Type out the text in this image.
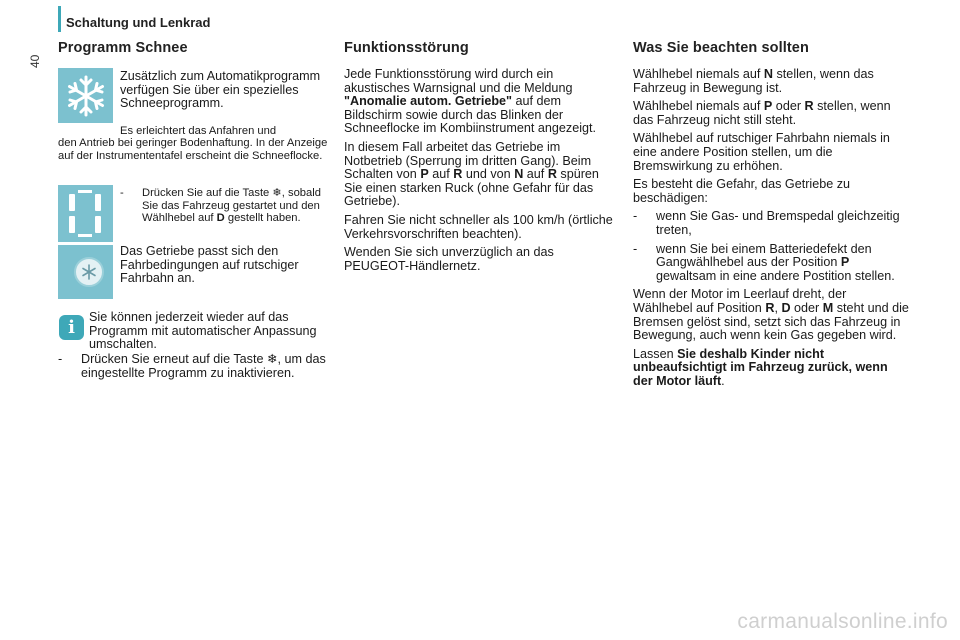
Schaltung und Lenkrad
40
Programm Schnee

Zusätzlich zum Automatikprogramm verfügen Sie über ein spezielles Schneeprogramm.

Es erleichtert das Anfahren und
den Antrieb bei geringer Bodenhaftung. In der Anzeige auf der Instrumententafel erscheint die Schneeflocke.

-	Drücken Sie auf die Taste ❄, sobald Sie das Fahrzeug gestartet und den Wählhebel auf D gestellt haben.

Das Getriebe passt sich den Fahrbedingungen auf rutschiger Fahrbahn an.

i	Sie können jederzeit wieder auf das Programm mit automatischer Anpassung umschalten.

-	Drücken Sie erneut auf die Taste ❄, um das eingestellte Programm zu inaktivieren.
Funktionsstörung

Jede Funktionsstörung wird durch ein akustisches Warnsignal und die Meldung "Anomalie autom. Getriebe" auf dem Bildschirm sowie durch das Blinken der Schneeflocke im Kombiinstrument angezeigt.

In diesem Fall arbeitet das Getriebe im Notbetrieb (Sperrung im dritten Gang). Beim Schalten von P auf R und von N auf R spüren Sie einen starken Ruck (ohne Gefahr für das Getriebe).

Fahren Sie nicht schneller als 100 km/h (örtliche Verkehrsvorschriften beachten).

Wenden Sie sich unverzüglich an das PEUGEOT-Händlernetz.

Was Sie beachten sollten

Wählhebel niemals auf N stellen, wenn das Fahrzeug in Bewegung ist.

Wählhebel niemals auf P oder R stellen, wenn das Fahrzeug nicht still steht.

Wählhebel auf rutschiger Fahrbahn niemals in eine andere Position stellen, um die Bremswirkung zu erhöhen.

Es besteht die Gefahr, das Getriebe zu beschädigen:

-	wenn Sie Gas- und Bremspedal gleichzeitig treten,
-	wenn Sie bei einem Batteriedefekt den Gangwählhebel aus der Position P gewaltsam in eine andere Postition stellen.

Wenn der Motor im Leerlauf dreht, der Wählhebel auf Position R, D oder M steht und die Bremsen gelöst sind, setzt sich das Fahrzeug in Bewegung, auch wenn kein Gas gegeben wird.

Lassen Sie deshalb Kinder nicht unbeaufsichtigt im Fahrzeug zurück, wenn der Motor läuft.

carmanualsonline.info
